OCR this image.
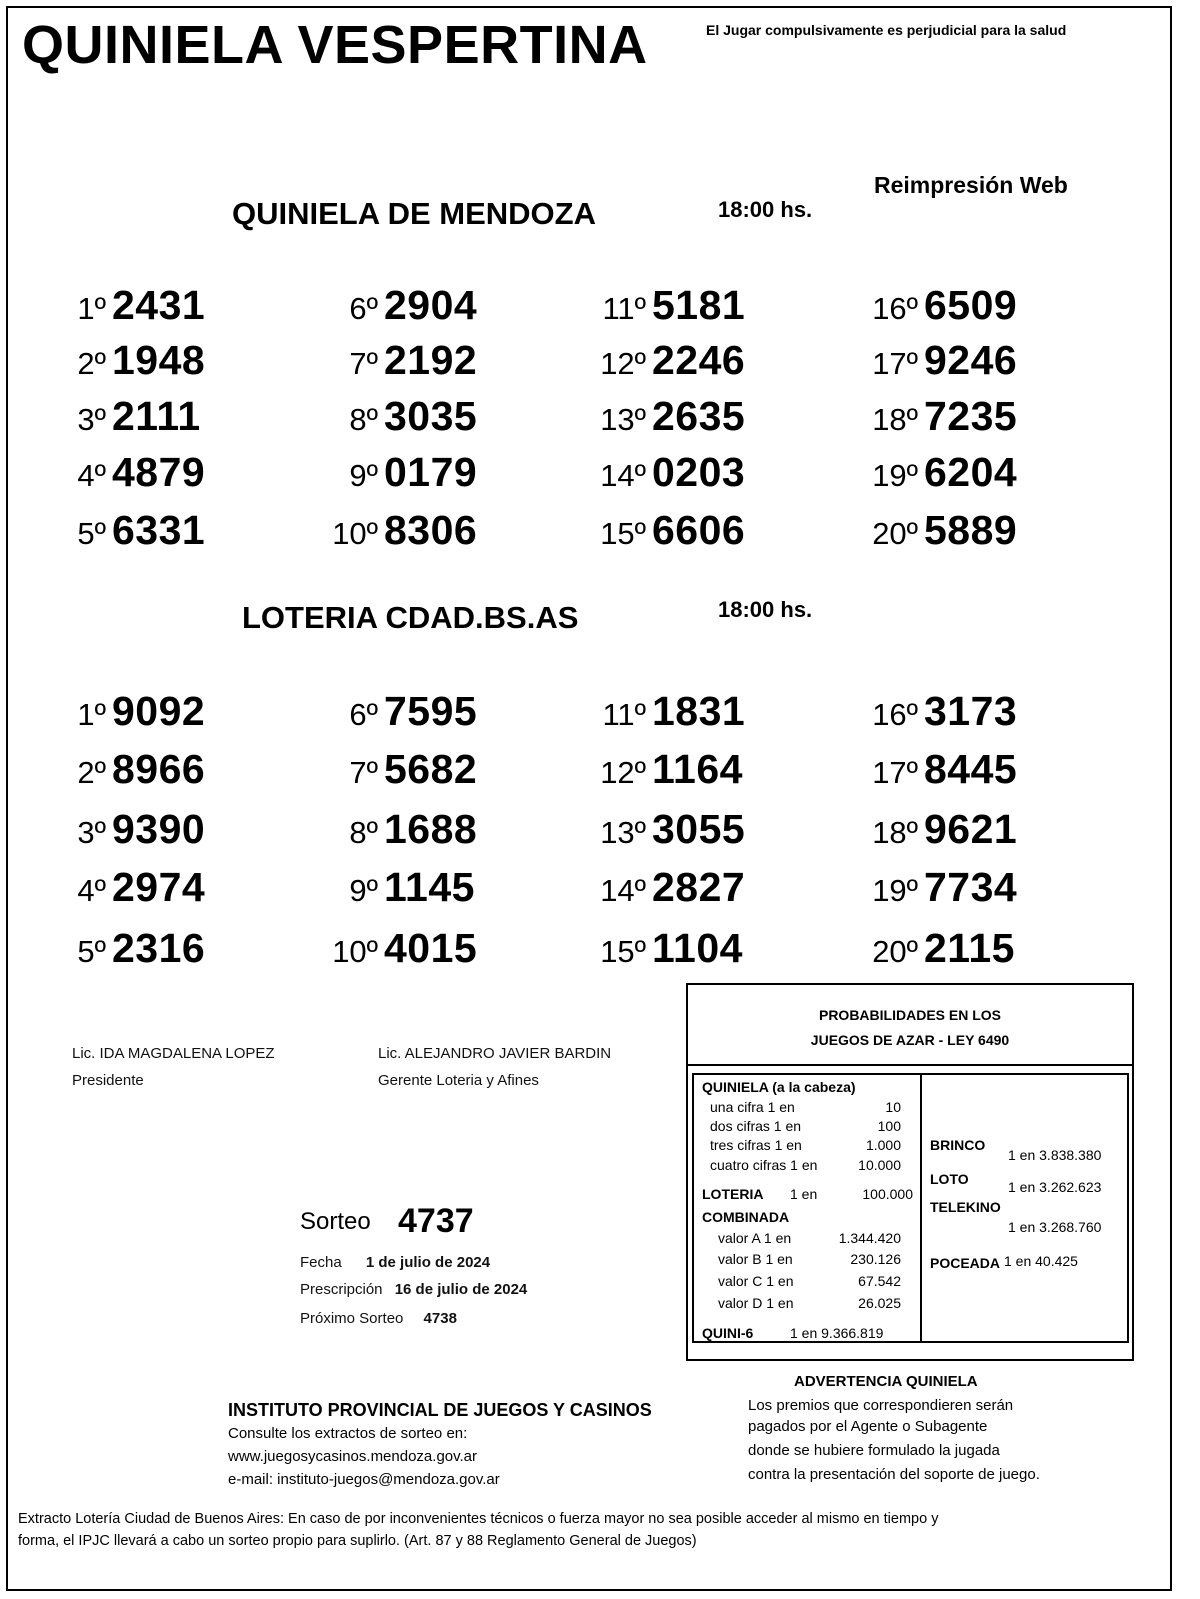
QUINIELA VESPERTINA	El Jugar compulsivamente es perjudicial para la salud
Reimpresión Web
QUINIELA DE MENDOZA	18:00 hs.
1º 2431
2º 1948
3º 2111
4º 4879
5º 6331
6º 2904
7º 2192
8º 3035
9º 0179
10º 8306
11º 5181
12º 2246
13º 2635
14º 0203
15º 6606
16º 6509
17º 9246
18º 7235
19º 6204
20º 5889
LOTERIA CDAD.BS.AS	18:00 hs.
1º 9092
2º 8966
3º 9390
4º 2974
5º 2316
6º 7595
7º 5682
8º 1688
9º 1145
10º 4015
11º 1831
12º 1164
13º 3055
14º 2827
15º 1104
16º 3173
17º 8445
18º 9621
19º 7734
20º 2115
Lic. IDA MAGDALENA LOPEZ
Presidente
Lic. ALEJANDRO JAVIER BARDIN
Gerente Loteria y Afines
Sorteo 4737
Fecha 1 de julio de 2024
Prescripción 16 de julio de 2024
Próximo Sorteo 4738
PROBABILIDADES EN LOS
JUEGOS DE AZAR - LEY 6490
QUINIELA (a la cabeza)
una cifra 1 en	10
dos cifras 1 en	100
tres cifras 1 en	1.000
cuatro cifras 1 en	10.000
LOTERIA 1 en	100.000
COMBINADA
valor A 1 en	1.344.420
valor B 1 en	230.126
valor C 1 en	67.542
valor D 1 en	26.025
QUINI-6	1 en 9.366.819
BRINCO
1 en 3.838.380
LOTO	1 en 3.262.623
TELEKINO
1 en 3.268.760
POCEADA 1 en 40.425
INSTITUTO PROVINCIAL DE JUEGOS Y CASINOS
Consulte los extractos de sorteo en:
www.juegosycasinos.mendoza.gov.ar
e-mail: instituto-juegos@mendoza.gov.ar
ADVERTENCIA QUINIELA
Los premios que correspondieren serán
pagados por el Agente o Subagente
donde se hubiere formulado la jugada
contra la presentación del soporte de juego.
Extracto Lotería Ciudad de Buenos Aires: En caso de por inconvenientes técnicos o fuerza mayor no sea posible acceder al mismo en tiempo y
forma, el IPJC llevará a cabo un sorteo propio para suplirlo. (Art. 87 y 88 Reglamento General de Juegos)
